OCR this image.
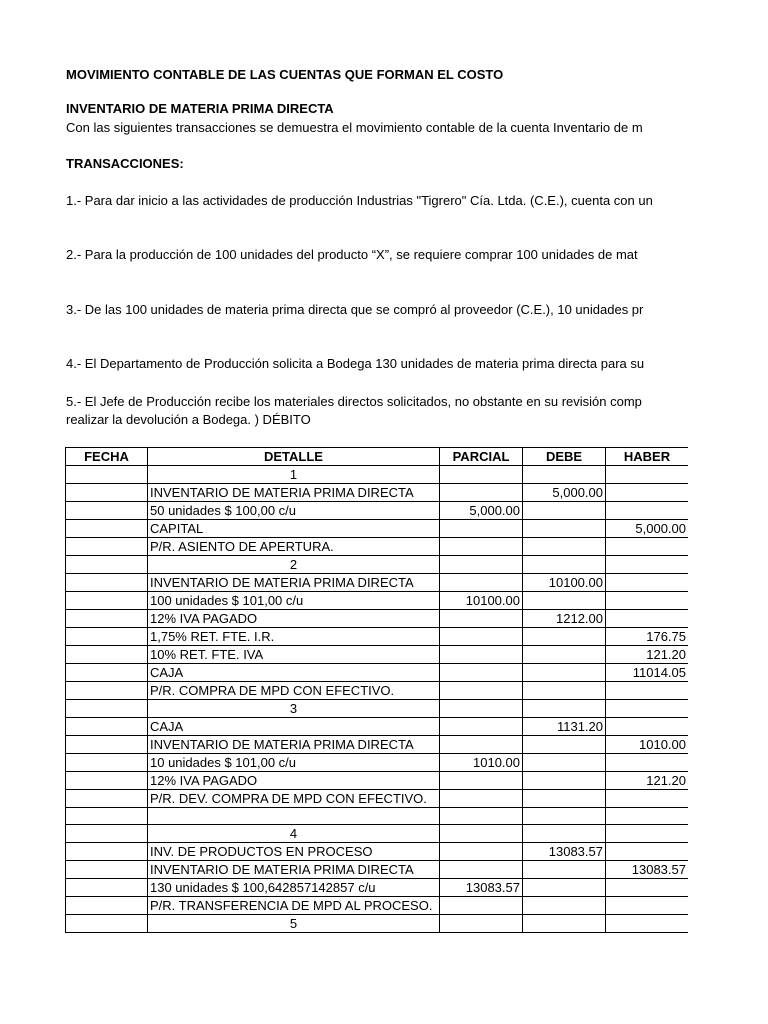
MOVIMIENTO CONTABLE DE LAS CUENTAS QUE FORMAN EL COSTO
INVENTARIO DE MATERIA PRIMA DIRECTA
Con las siguientes transacciones se demuestra el movimiento contable de la cuenta Inventario de m
TRANSACCIONES:
1.- Para dar inicio a las actividades de producción Industrias "Tigrero" Cía. Ltda. (C.E.), cuenta con un
2.- Para la producción de 100 unidades del producto “X”, se requiere comprar 100 unidades de mat
3.- De las 100 unidades de materia prima directa que se compró al proveedor (C.E.), 10 unidades pr
4.- El Departamento de Producción solicita a Bodega 130 unidades de materia prima directa para su
5.- El Jefe de Producción recibe los materiales directos solicitados, no obstante en su revisión comp
realizar la devolución a Bodega. ) DÉBITO
FECHA	DETALLE	PARCIAL	DEBE	HABER
	1			
	INVENTARIO DE MATERIA PRIMA DIRECTA		5,000.00	
	50 unidades $ 100,00 c/u	5,000.00		
	CAPITAL			5,000.00
	P/R. ASIENTO DE APERTURA.			
	2			
	INVENTARIO DE MATERIA PRIMA DIRECTA		10100.00	
	100 unidades $ 101,00 c/u	10100.00		
	12% IVA PAGADO		1212.00	
	1,75% RET. FTE. I.R.			176.75
	10% RET. FTE. IVA			121.20
	CAJA			11014.05
	P/R. COMPRA DE MPD CON EFECTIVO.			
	3			
	CAJA		1131.20	
	INVENTARIO DE MATERIA PRIMA DIRECTA			1010.00
	10 unidades $ 101,00 c/u	1010.00		
	12% IVA PAGADO			121.20
	P/R. DEV. COMPRA DE MPD CON EFECTIVO.			

	4			
	INV. DE PRODUCTOS EN PROCESO		13083.57	
	INVENTARIO DE MATERIA PRIMA DIRECTA			13083.57
	130 unidades $ 100,642857142857 c/u	13083.57		
	P/R. TRANSFERENCIA DE MPD AL PROCESO.			
	5			
